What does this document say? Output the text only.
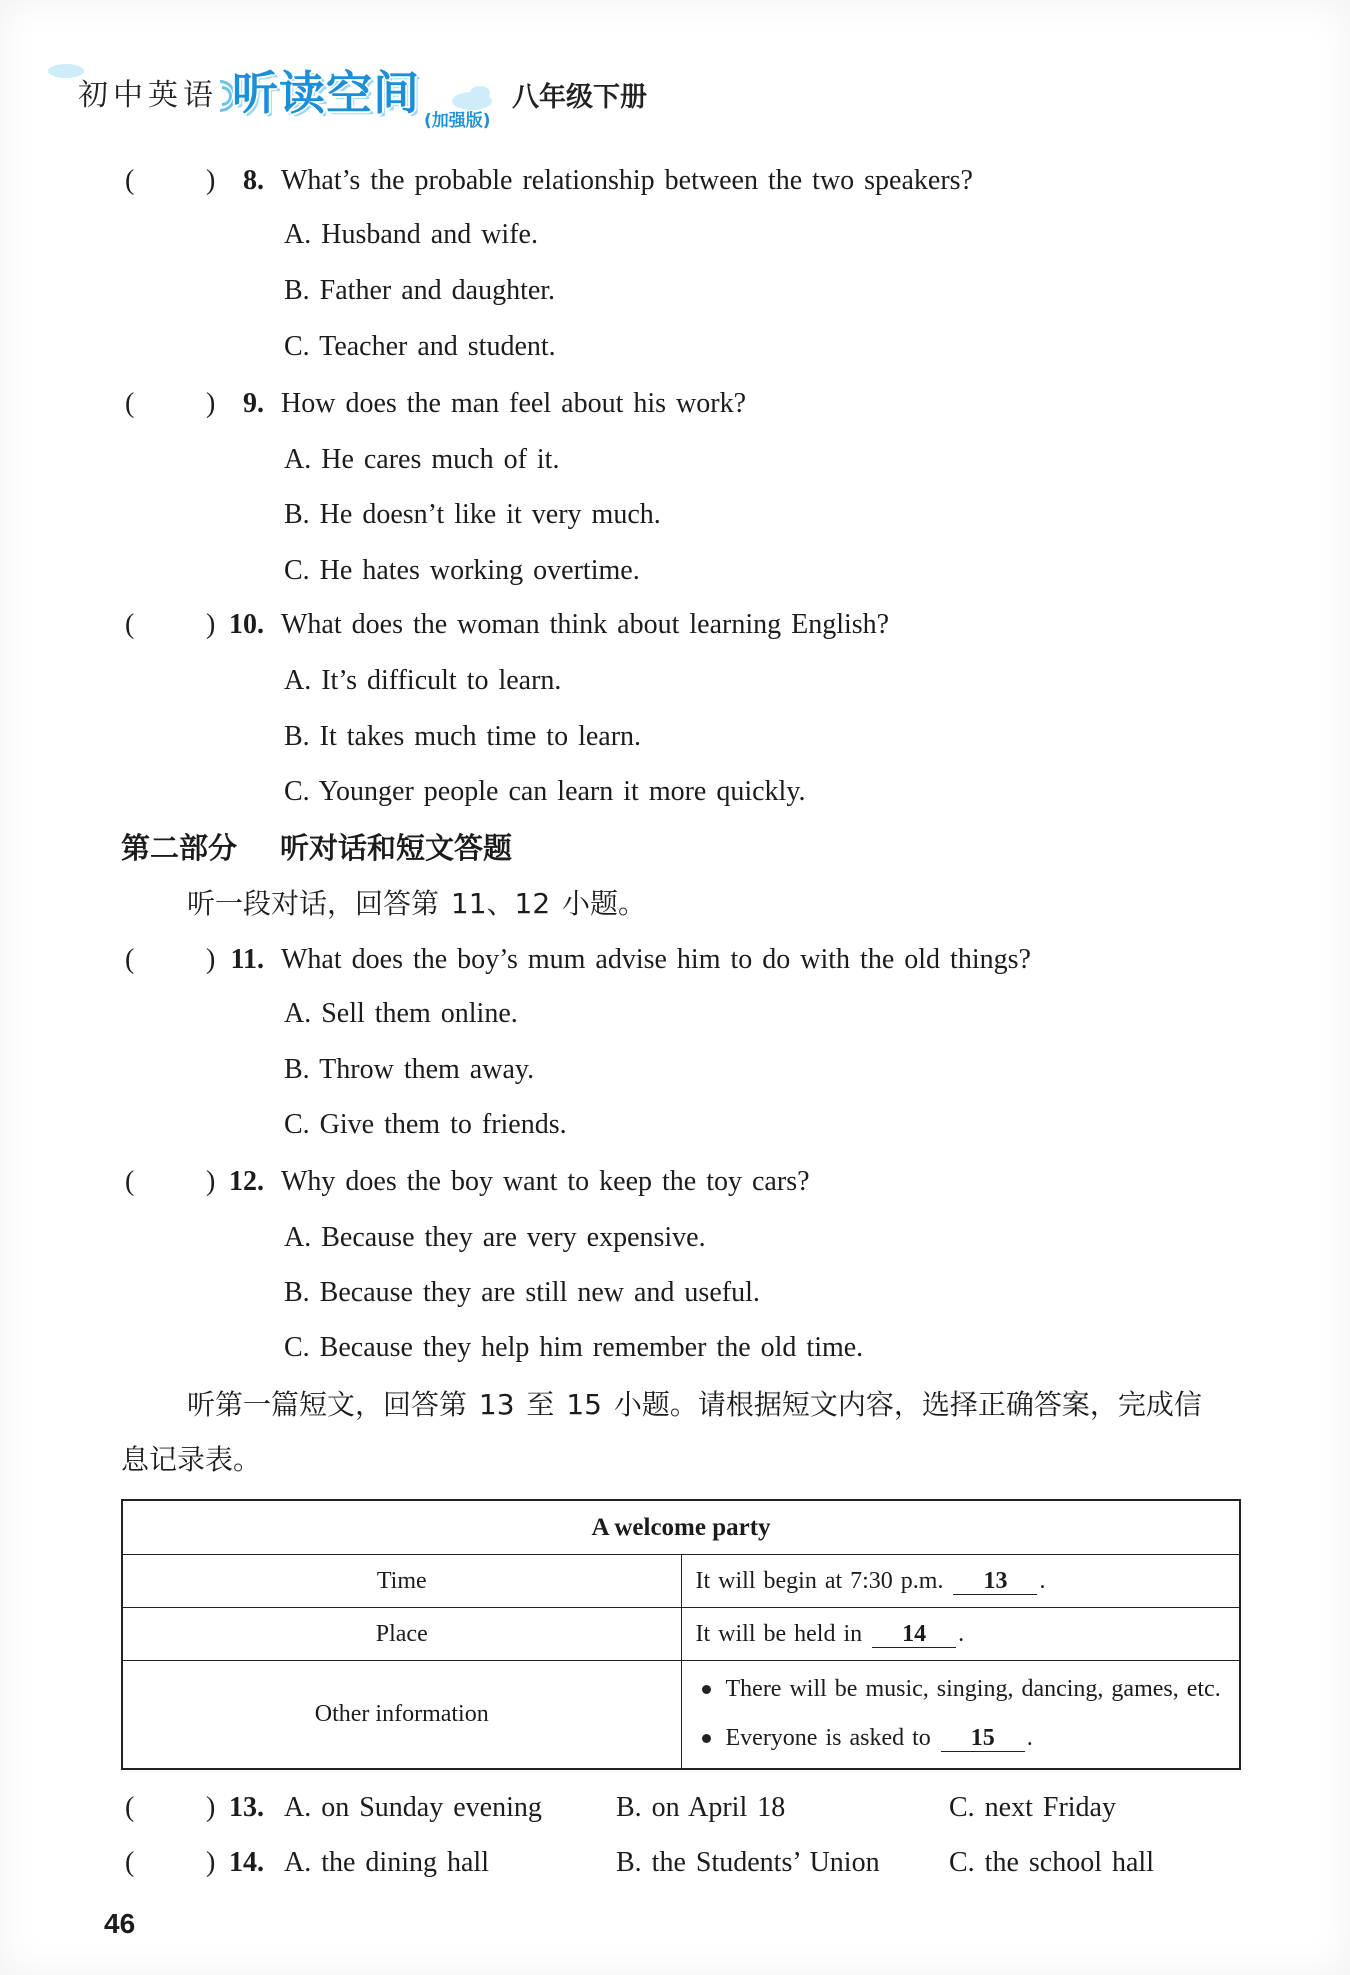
初中英语 听读空间
(加强版)
八年级下册
(	) 8. What’s the probable relationship between the two speakers?
A. Husband and wife.
B. Father and daughter.
C. Teacher and student.
(	) 9. How does the man feel about his work?
A. He cares much of it.
B. He doesn’t like it very much.
C. He hates working overtime.
(	) 10. What does the woman think about learning English?
A. It’s difficult to learn.
B. It takes much time to learn.
C. Younger people can learn it more quickly.
第二部分 听对话和短文答题
听一段对话，回答第 11、12 小题。
(	) 11. What does the boy’s mum advise him to do with the old things?
A. Sell them online.
B. Throw them away.
C. Give them to friends.
(	) 12. Why does the boy want to keep the toy cars?
A. Because they are very expensive.
B. Because they are still new and useful.
C. Because they help him remember the old time.
听第一篇短文，回答第 13 至 15 小题。请根据短文内容，选择正确答案，完成信
息记录表。
A welcome party	
Time	It will begin at 7:30 p.m. 13 .
Place	It will be held in 14 .
Other information	There will be music, singing, dancing, games, etc.
Everyone is asked to 15 .
(	) 13. A. on Sunday evening	B. on April 18	C. next Friday
(	) 14. A. the dining hall	B. the Students’ Union C. the school hall
46
